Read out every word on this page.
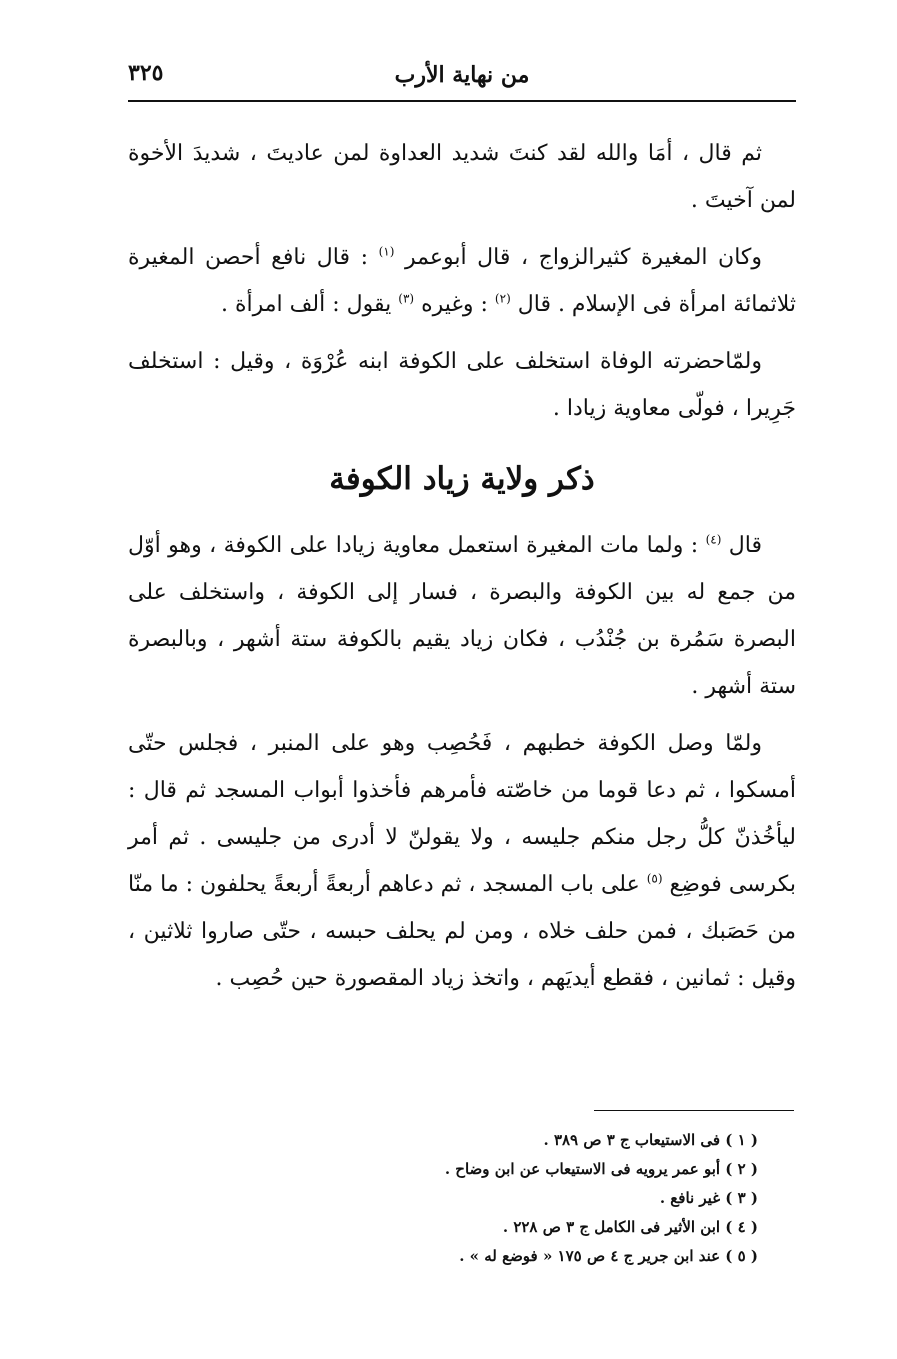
من نهاية الأرب
٣٢٥

ثم قال ، أمَا والله لقد كنتَ شديد العداوة لمن عاديتَ ، شديدَ الأخوة لمن آخيتَ .

وكان المغيرة كثيرالزواج ، قال أبوعمر $^{(١)}$ : قال نافع أحصن المغيرة ثلاثمائة امرأة فى الإسلام . قال $^{(٢)}$ : وغيره $^{(٣)}$ يقول : ألف امرأة .

ولمّاحضرته الوفاة استخلف على الكوفة ابنه عُرْوَة ، وقيل : استخلف جَرِيرا ، فولّى معاوية زيادا .

ذكر ولاية زياد الكوفة

قال $^{(٤)}$ : ولما مات المغيرة استعمل معاوية زيادا على الكوفة ، وهو أوّل من جمع له بين الكوفة والبصرة ، فسار إلى الكوفة ، واستخلف على البصرة سَمُرة بن جُنْدُب ، فكان زياد يقيم بالكوفة ستة أشهر ، وبالبصرة ستة أشهر .

ولمّا وصل الكوفة خطبهم ، فَحُصِب وهو على المنبر ، فجلس حتّى أمسكوا ، ثم دعا قوما من خاصّته فأمرهم فأخذوا أبواب المسجد ثم قال : ليأخُذنّ كلُّ رجل منكم جليسه ، ولا يقولنّ لا أدرى من جليسى . ثم أمر بكرسى فوضِع $^{(٥)}$ على باب المسجد ، ثم دعاهم أربعةً أربعةً يحلفون : ما منّا من حَصَبك ، فمن حلف خلاه ، ومن لم يحلف حبسه ، حتّى صاروا ثلاثين ، وقيل : ثمانين ، فقطع أيديَهم ، واتخذ زياد المقصورة حين حُصِب .

( ١ ) فى الاستيعاب ج ٣ ص ٣٨٩ .

( ٢ ) أبو عمر يرويه فى الاستيعاب عن ابن وضاح .

( ٣ ) غير نافع .

( ٤ ) ابن الأثير فى الكامل ج ٣ ص ٢٢٨ .

( ٥ ) عند ابن جرير ج ٤ ص ١٧٥ « فوضع له » .
